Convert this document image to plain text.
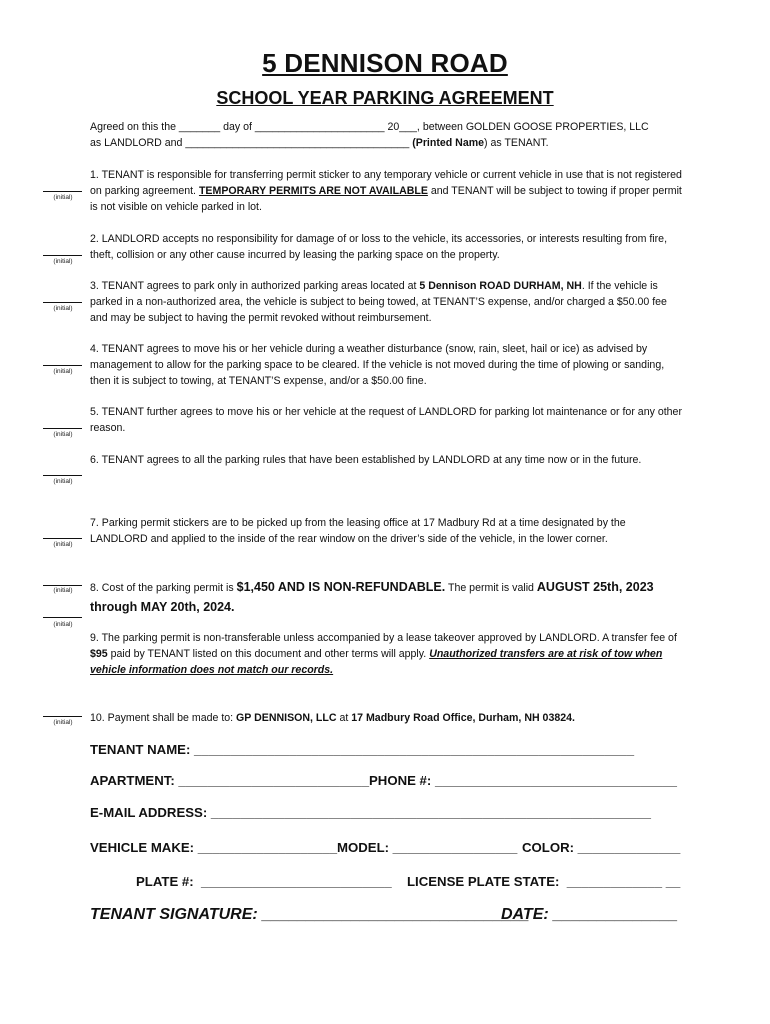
5 DENNISON ROAD
SCHOOL YEAR PARKING AGREEMENT
Agreed on this the _______ day of ______________________ 20___, between GOLDEN GOOSE PROPERTIES, LLC
as LANDLORD and ______________________________________ (Printed Name) as TENANT.
(initial)
1. TENANT is responsible for transferring permit sticker to any temporary vehicle or current vehicle in use that is not registered on parking agreement. TEMPORARY PERMITS ARE NOT AVAILABLE and TENANT will be subject to towing if proper permit is not visible on vehicle parked in lot.
(initial)
2. LANDLORD accepts no responsibility for damage of or loss to the vehicle, its accessories, or interests resulting from fire, theft, collision or any other cause incurred by leasing the parking space on the property.
(initial)
3. TENANT agrees to park only in authorized parking areas located at 5 Dennison ROAD DURHAM, NH. If the vehicle is parked in a non-authorized area, the vehicle is subject to being towed, at TENANT’S expense, and/or charged a $50.00 fee and may be subject to having the permit revoked without reimbursement.
(initial)
4. TENANT agrees to move his or her vehicle during a weather disturbance (snow, rain, sleet, hail or ice) as advised by management to allow for the parking space to be cleared. If the vehicle is not moved during the time of plowing or sanding, then it is subject to towing, at TENANT’S expense, and/or a $50.00 fine.
(initial)
5. TENANT further agrees to move his or her vehicle at the request of LANDLORD for parking lot maintenance or for any other reason.
(initial)
6. TENANT agrees to all the parking rules that have been established by LANDLORD at any time now or in the future.
(initial)
7. Parking permit stickers are to be picked up from the leasing office at 17 Madbury Rd at a time designated by the LANDLORD and applied to the inside of the rear window on the driver’s side of the vehicle, in the lower corner.
(initial)	8. Cost of the parking permit is $1,450 AND IS NON-REFUNDABLE. The permit is valid AUGUST 25th, 2023 through MAY 20th, 2024.
(initial)
9. The parking permit is non-transferable unless accompanied by a lease takeover approved by LANDLORD. A transfer fee of $95 paid by TENANT listed on this document and other terms will apply. Unauthorized transfers are at risk of tow when vehicle information does not match our records.
(initial)	10. Payment shall be made to: GP DENNISON, LLC at 17 Madbury Road Office, Durham, NH 03824.
TENANT NAME: ____________________________________________________________
APARTMENT: __________________________ PHONE #: _________________________________
E-MAIL ADDRESS: ____________________________________________________________
VEHICLE MAKE: ___________________ MODEL: _________________ COLOR: ______________
PLATE #:  __________________________ LICENSE PLATE STATE:  _____________ __
TENANT SIGNATURE: ______________________________
DATE: ______________
